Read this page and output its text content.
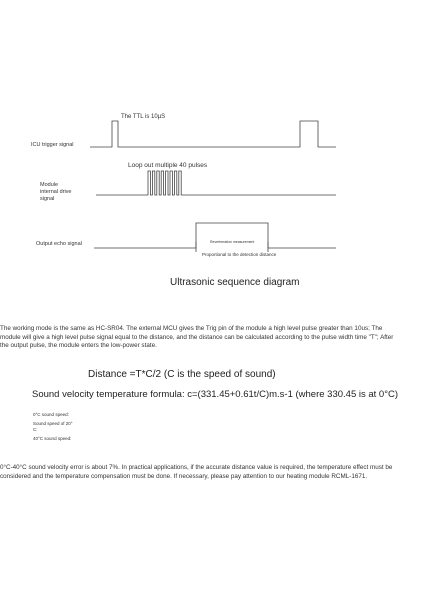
The TTL is 10µS

ICU trigger signal

Loop out multiple 40 pulses

Module
internal drive
signal

Output echo signal	Reverberation measurement

Proportional to the detection distance

Ultrasonic sequence diagram

The working mode is the same as HC-SR04. The external MCU gives the Trig pin of the module a high level pulse greater than 10us; The module will give a high level pulse signal equal to the distance, and the distance can be calculated according to the pulse width time "T"; After the output pulse, the module enters the low-power state.

Distance =T*C/2 (C is the speed of sound)

Sound velocity temperature formula: c=(331.45+0.61t/C)m.s-1 (where 330.45 is at 0°C)

0°C sound speed:

Sound speed of 20°
C:

40°C sound speed:

0°C-40°C sound velocity error is about 7%. In practical applications, if the accurate distance value is required, the temperature effect must be considered and the temperature compensation must be done. If necessary, please pay attention to our heating module RCML-1671.
